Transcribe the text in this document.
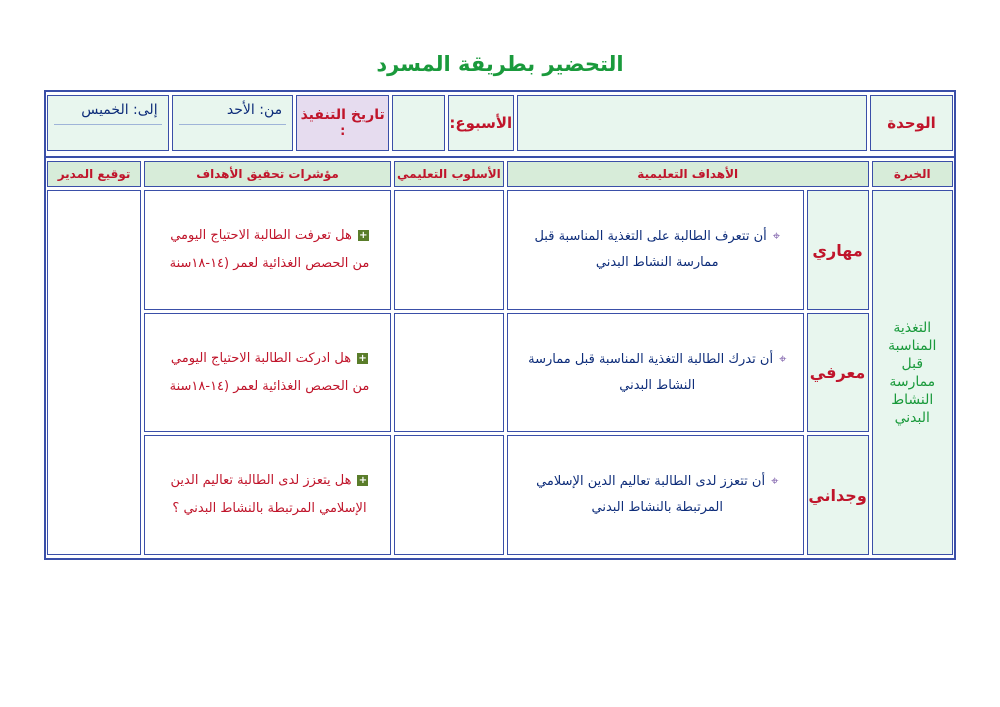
التحضير بطريقة المسرد
الوحدة		الأسبوع:		تاريخ التنفيذ :	
من: الأحد

إلى: الخميس
الخبرة	الأهداف التعليمية		الأسلوب التعليمي	مؤشرات تحقيق الأهداف	توقيع المدير

التغذية المناسبة قبل ممارسة النشاط البدني	مهاري	⌖أن تتعرف الطالبة على التغذية المناسبة قبل ممارسة النشاط البدني		+هل تعرفت الطالبة الاحتياج اليومي من الحصص الغذائية لعمر (١٤-١٨سنة	
	معرفي	⌖أن تدرك الطالبة التغذية المناسبة قبل ممارسة النشاط البدني		+هل ادركت الطالبة الاحتياج اليومي من الحصص الغذائية لعمر (١٤-١٨سنة	
	وجداني	⌖أن تتعزز لدى الطالبة تعاليم الدين الإسلامي المرتبطة بالنشاط البدني		+هل يتعزز لدى الطالبة تعاليم الدين الإسلامي المرتبطة بالنشاط البدني ؟	
